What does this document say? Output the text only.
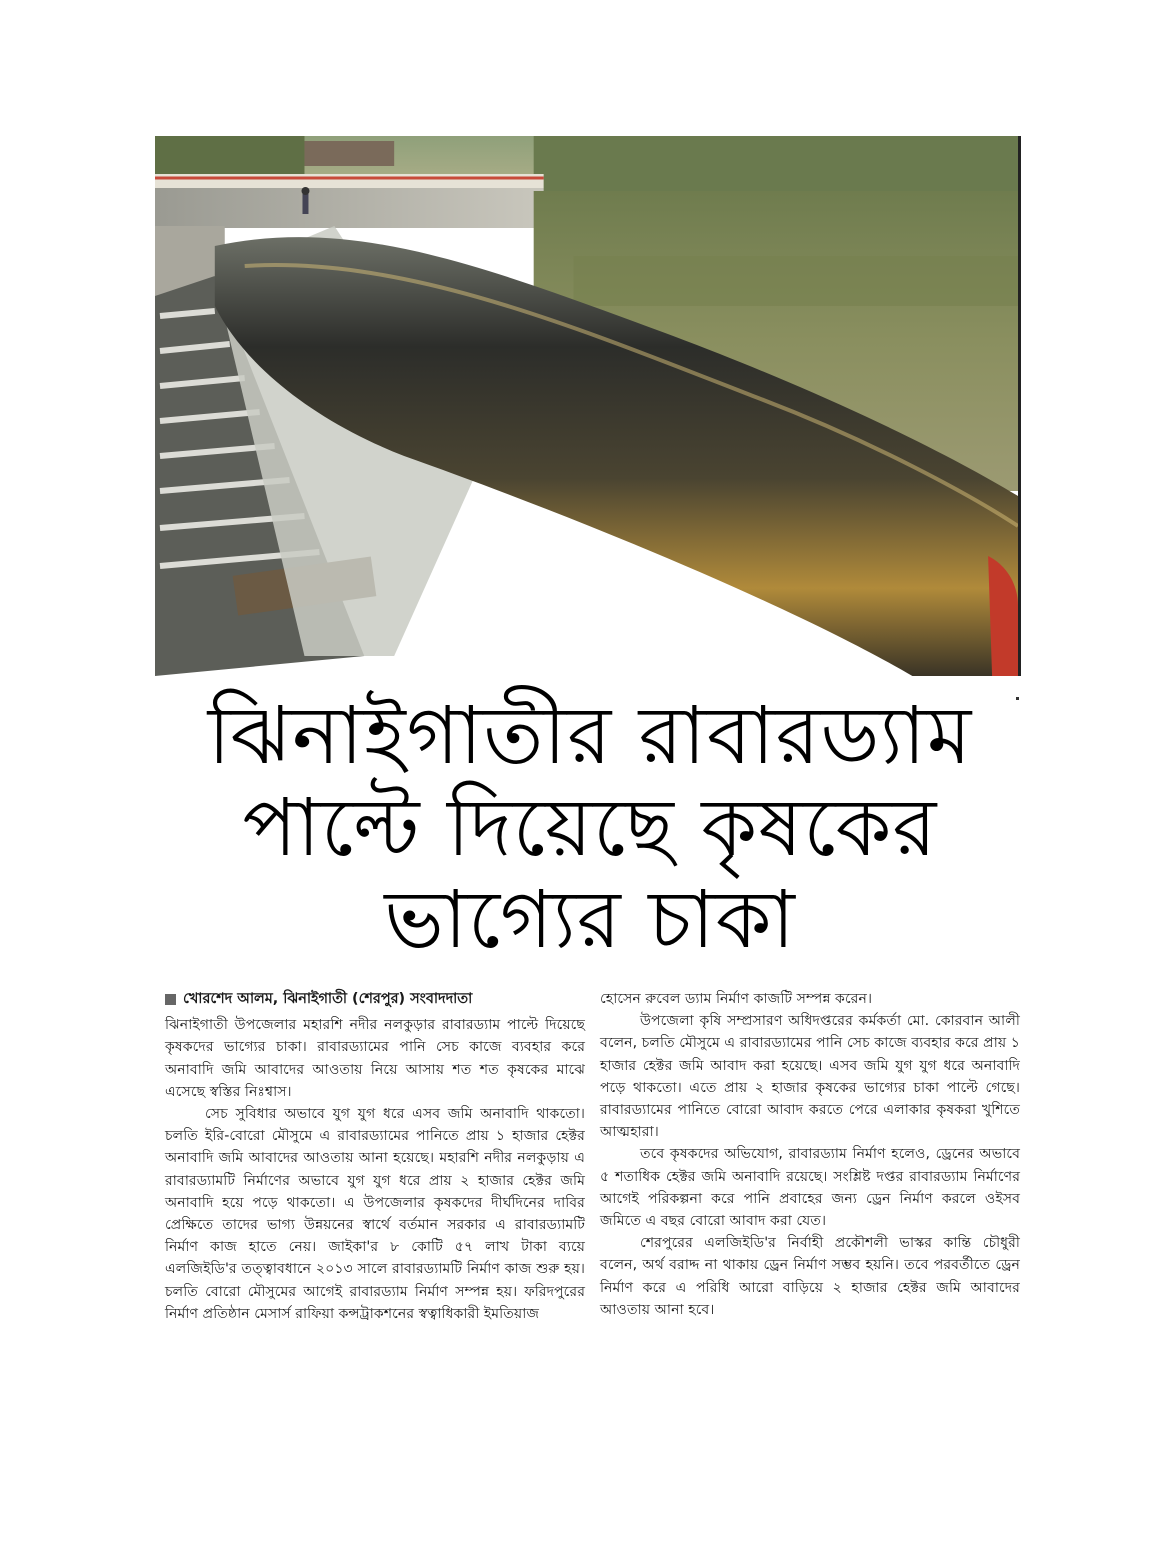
ঝিনাইগাতীর রাবারড্যাম
পাল্টে দিয়েছে কৃষকের
ভাগ্যের চাকা
খোরশেদ আলম, ঝিনাইগাতী (শেরপুর) সংবাদদাতা

ঝিনাইগাতী উপজেলার মহারশি নদীর নলকুড়ার রাবারড্যাম পাল্টে দিয়েছে কৃষকদের ভাগ্যের চাকা। রাবারড্যামের পানি সেচ কাজে ব্যবহার করে অনাবাদি জমি আবাদের আওতায় নিয়ে আসায় শত শত কৃষকের মাঝে এসেছে স্বস্তির নিঃশ্বাস।

সেচ সুবিধার অভাবে যুগ যুগ ধরে এসব জমি অনাবাদি থাকতো। চলতি ইরি-বোরো মৌসুমে এ রাবারড্যামের পানিতে প্রায় ১ হাজার হেক্টর অনাবাদি জমি আবাদের আওতায় আনা হয়েছে। মহারশি নদীর নলকুড়ায় এ রাবারড্যামটি নির্মাণের অভাবে যুগ যুগ ধরে প্রায় ২ হাজার হেক্টর জমি অনাবাদি হয়ে পড়ে থাকতো। এ উপজেলার কৃষকদের দীর্ঘদিনের দাবির প্রেক্ষিতে তাদের ভাগ্য উন্নয়নের স্বার্থে বর্তমান সরকার এ রাবারড্যামটি নির্মাণ কাজ হাতে নেয়। জাইকা'র ৮ কোটি ৫৭ লাখ টাকা ব্যয়ে এলজিইডি'র তত্ত্বাবধানে ২০১৩ সালে রাবারড্যামটি নির্মাণ কাজ শুরু হয়। চলতি বোরো মৌসুমের আগেই রাবারড্যাম নির্মাণ সম্পন্ন হয়। ফরিদপুরের নির্মাণ প্রতিষ্ঠান মেসার্স রাফিয়া কন্সট্রাকশনের স্বত্বাধিকারী ইমতিয়াজ

হোসেন রুবেল ড্যাম নির্মাণ কাজটি সম্পন্ন করেন।

উপজেলা কৃষি সম্প্রসারণ অধিদপ্তরের কর্মকর্তা মো. কোরবান আলী বলেন, চলতি মৌসুমে এ রাবারড্যামের পানি সেচ কাজে ব্যবহার করে প্রায় ১ হাজার হেক্টর জমি আবাদ করা হয়েছে। এসব জমি যুগ যুগ ধরে অনাবাদি পড়ে থাকতো। এতে প্রায় ২ হাজার কৃষকের ভাগ্যের চাকা পাল্টে গেছে। রাবারড্যামের পানিতে বোরো আবাদ করতে পেরে এলাকার কৃষকরা খুশিতে আত্মহারা।

তবে কৃষকদের অভিযোগ, রাবারড্যাম নির্মাণ হলেও, ড্রেনের অভাবে ৫ শতাধিক হেক্টর জমি অনাবাদি রয়েছে। সংশ্লিষ্ট দপ্তর রাবারড্যাম নির্মাণের আগেই পরিকল্পনা করে পানি প্রবাহের জন্য ড্রেন নির্মাণ করলে ওইসব জমিতে এ বছর বোরো আবাদ করা যেত।

শেরপুরের এলজিইডি'র নির্বাহী প্রকৌশলী ভাস্কর কান্তি চৌধুরী বলেন, অর্থ বরাদ্দ না থাকায় ড্রেন নির্মাণ সম্ভব হয়নি। তবে পরবর্তীতে ড্রেন নির্মাণ করে এ পরিধি আরো বাড়িয়ে ২ হাজার হেক্টর জমি আবাদের আওতায় আনা হবে।
